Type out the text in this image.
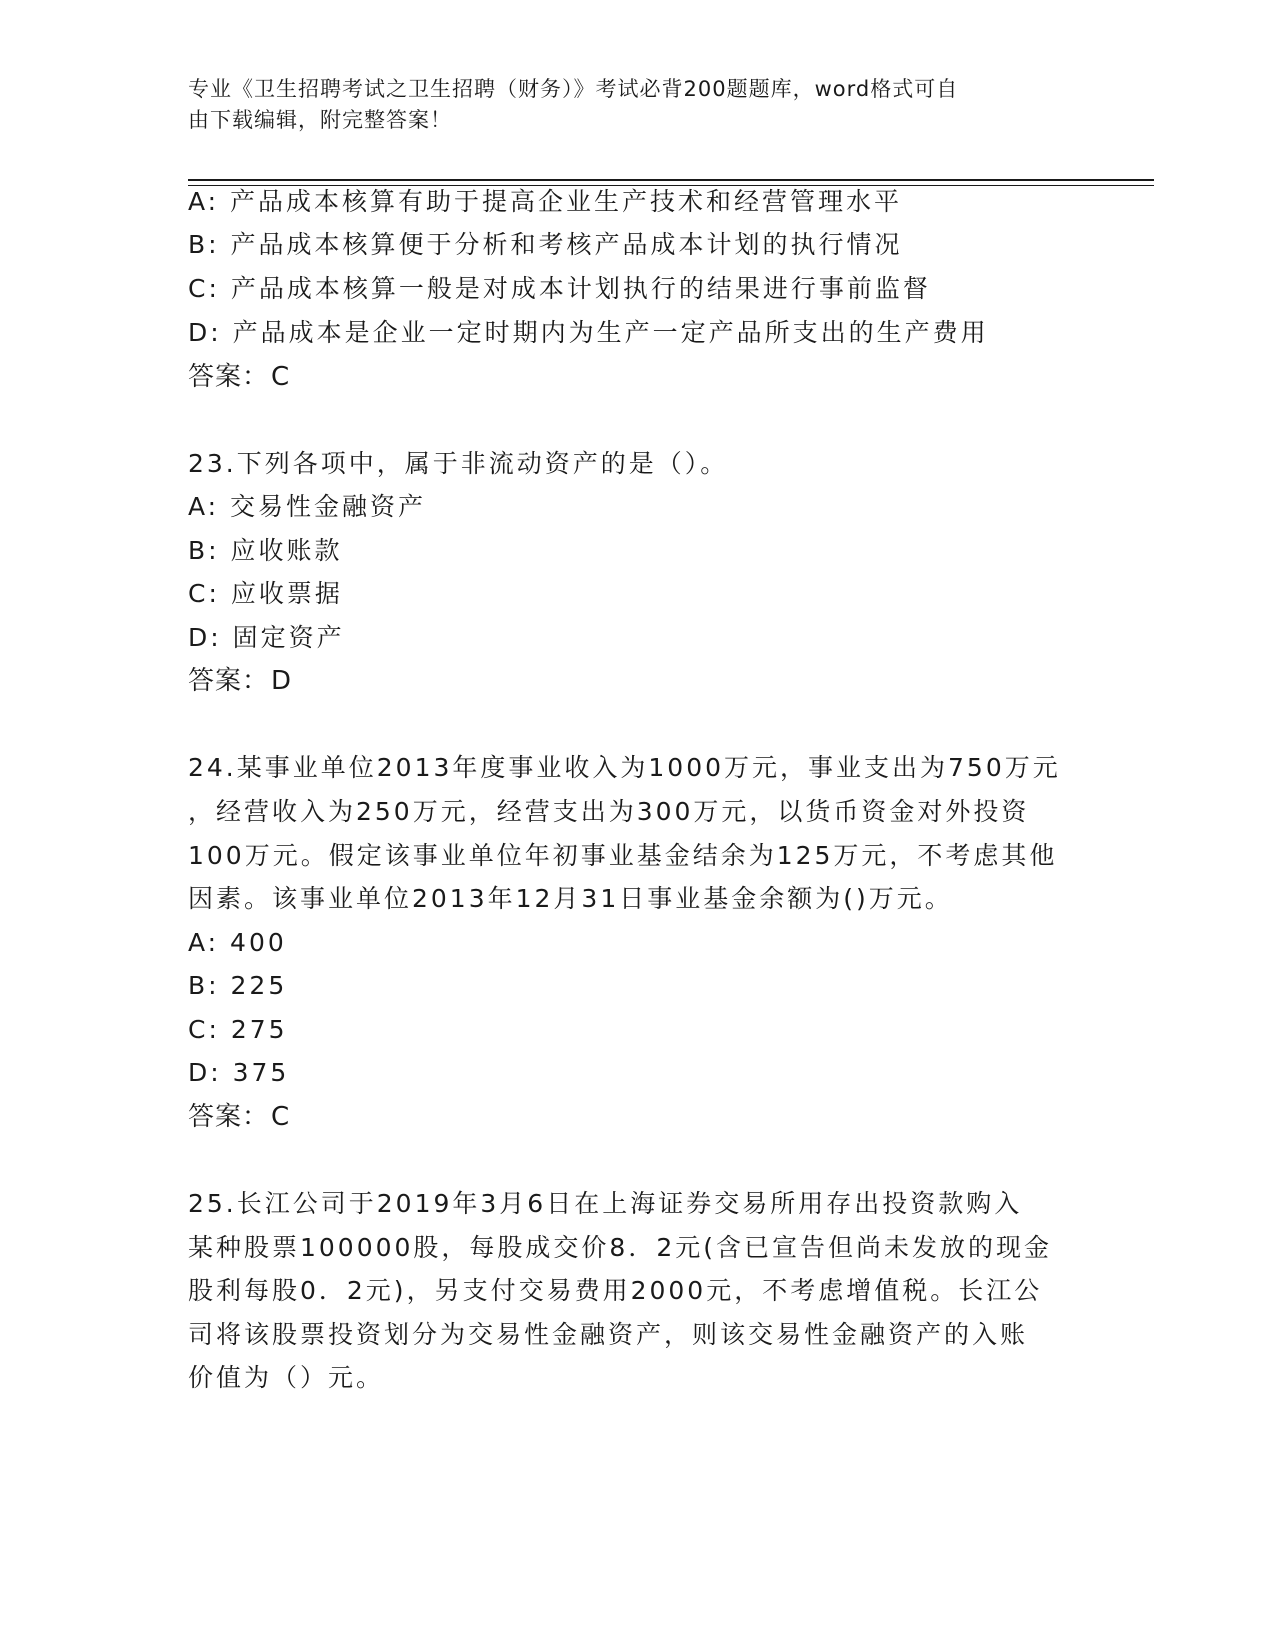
专业《卫生招聘考试之卫生招聘（财务）》考试必背200题题库，word格式可自
由下载编辑，附完整答案！
A: 产品成本核算有助于提高企业生产技术和经营管理水平
B: 产品成本核算便于分析和考核产品成本计划的执行情况
C: 产品成本核算一般是对成本计划执行的结果进行事前监督
D: 产品成本是企业一定时期内为生产一定产品所支出的生产费用
答案：C
23.下列各项中，属于非流动资产的是（）。
A: 交易性金融资产
B: 应收账款
C: 应收票据
D: 固定资产
答案：D
24.某事业单位2013年度事业收入为1000万元，事业支出为750万元
，经营收入为250万元，经营支出为300万元，以货币资金对外投资
100万元。假定该事业单位年初事业基金结余为125万元，不考虑其他
因素。该事业单位2013年12月31日事业基金余额为()万元。
A: 400
B: 225
C: 275
D: 375
答案：C
25.长江公司于2019年3月6日在上海证券交易所用存出投资款购入
某种股票100000股，每股成交价8．2元(含已宣告但尚未发放的现金
股利每股0．2元)，另支付交易费用2000元，不考虑增值税。长江公
司将该股票投资划分为交易性金融资产，则该交易性金融资产的入账
价值为（）元。
